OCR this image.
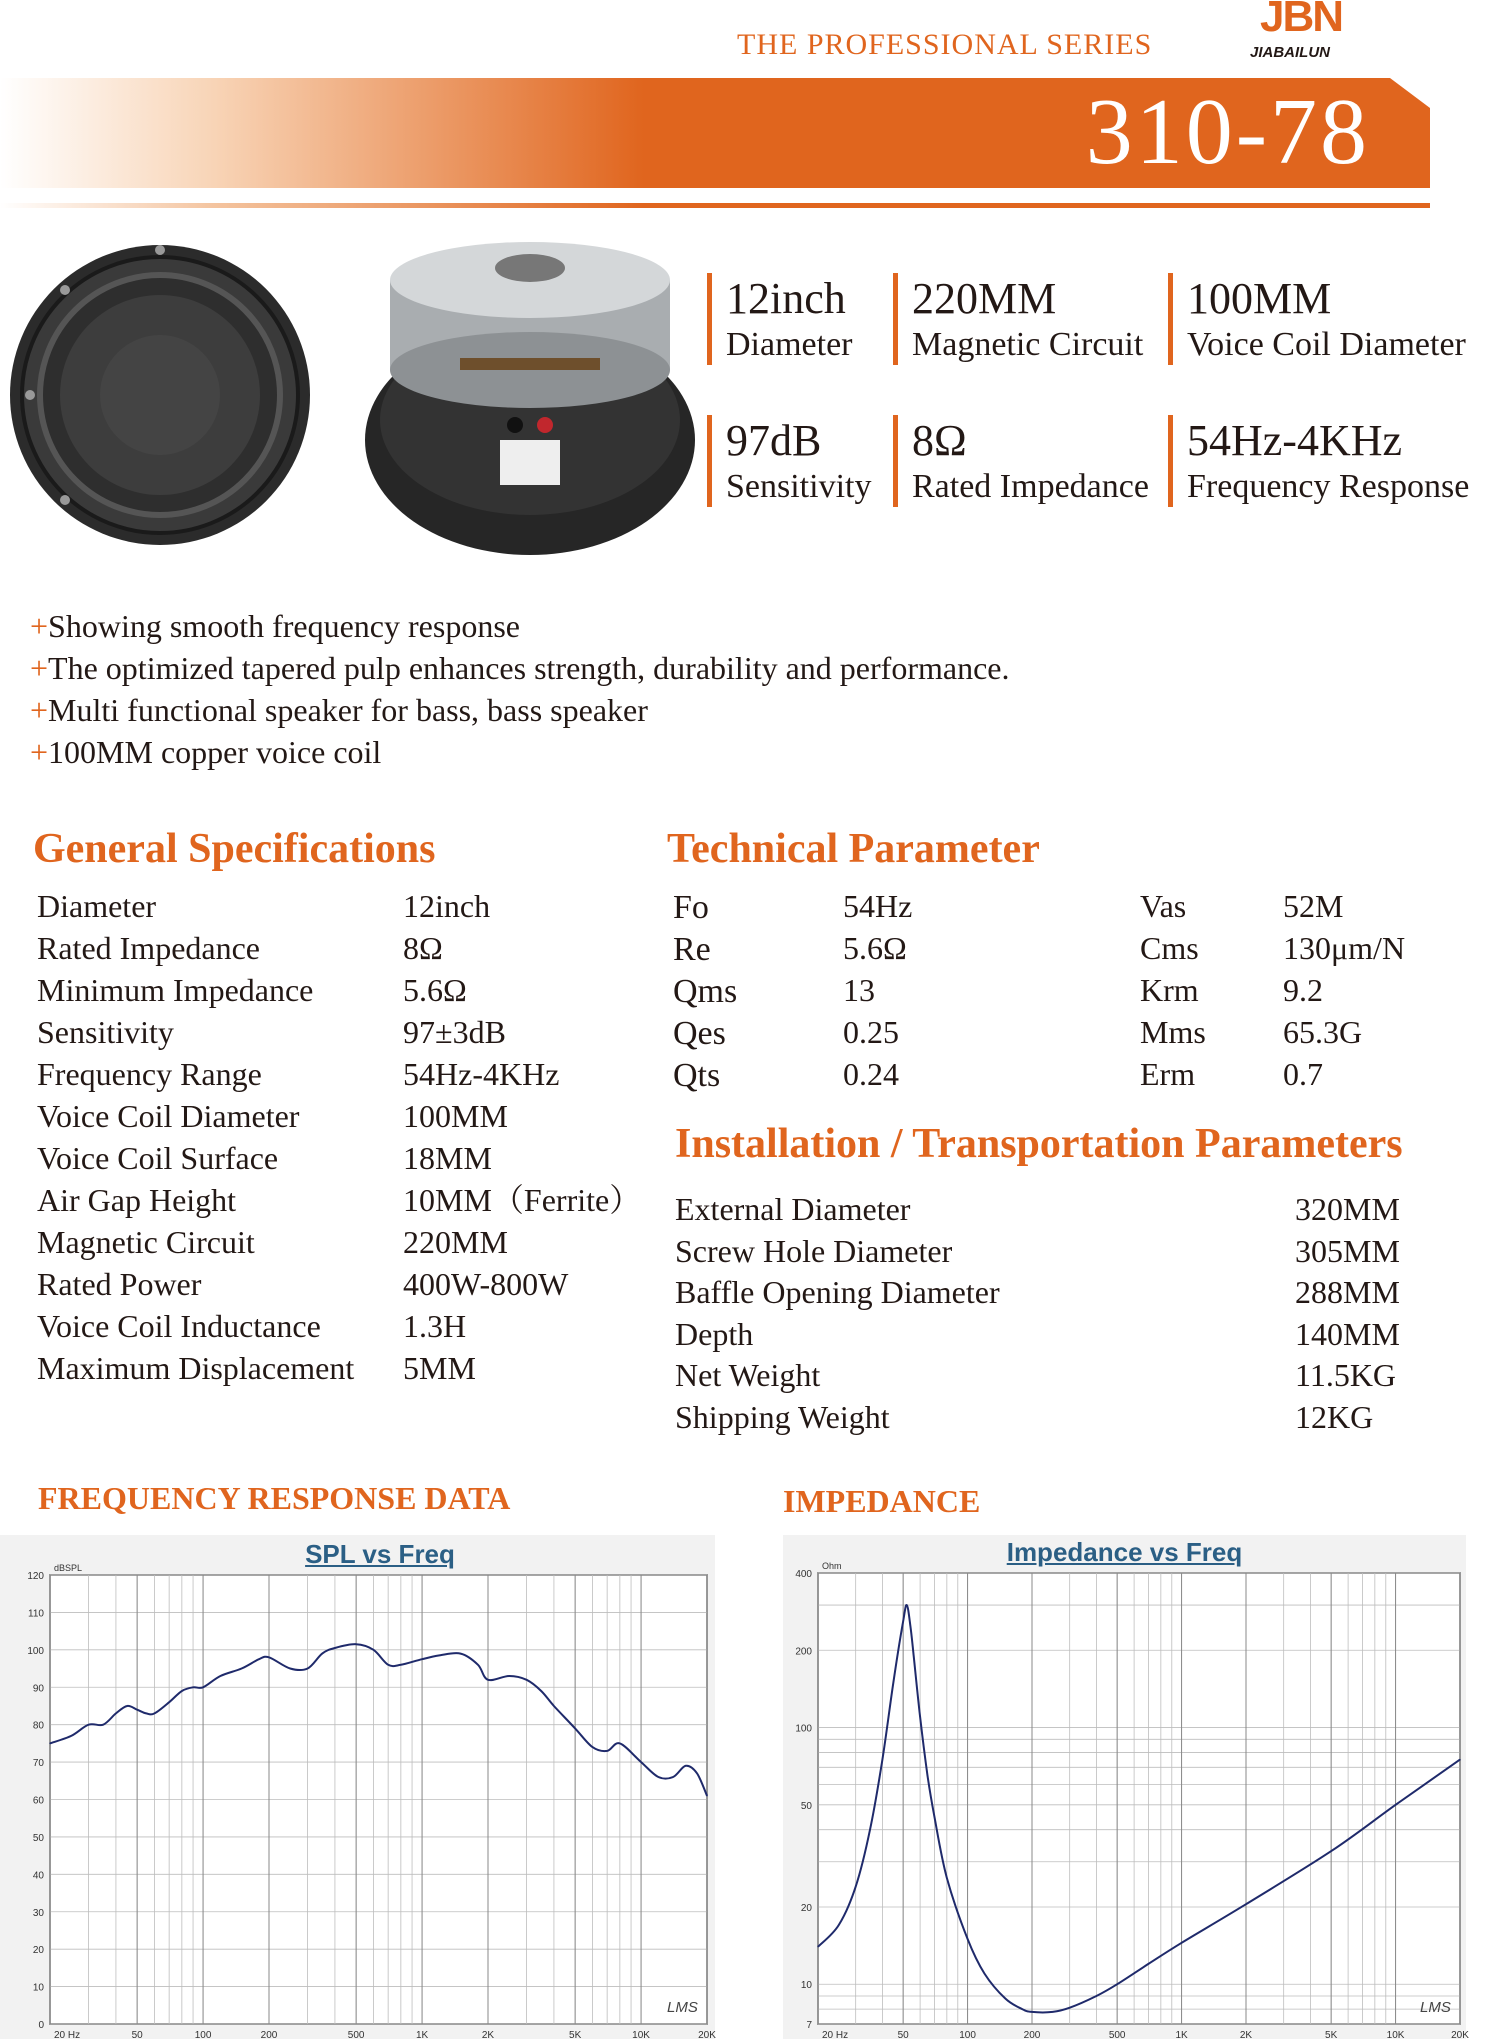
THE PROFESSIONAL SERIES
JBN
JIABAILUN
310-78
12inch
Diameter
220MM
Magnetic Circuit
100MM
Voice Coil Diameter
97dB
Sensitivity
8Ω
Rated Impedance
54Hz-4KHz
Frequency Response
+Showing smooth frequency response
+The optimized tapered pulp enhances strength, durability and performance.
+Multi functional speaker for bass, bass speaker
+100MM copper voice coil
General Specifications
Diameter	12inch
Rated Impedance	8Ω
Minimum Impedance	5.6Ω
Sensitivity	97±3dB
Frequency Range	54Hz-4KHz
Voice Coil Diameter	100MM
Voice Coil Surface	18MM
Air Gap Height	10MM（Ferrite）
Magnetic Circuit	220MM
Rated Power	400W-800W
Voice Coil Inductance	1.3H
Maximum Displacement 5MM
Technical Parameter
Fo	54Hz	Vas	52M
Re	5.6Ω	Cms	130μm/N
Qms	13	Krm	9.2
Qes	0.25	Mms 65.3G
Qts	0.24	Erm	0.7
Installation / Transportation Parameters
External Diameter	320MM
Screw Hole Diameter	305MM
Baffle Opening Diameter	288MM
Depth	140MM
Net Weight	11.5KG
Shipping Weight	12KG
FREQUENCY RESPONSE DATA	IMPEDANCE
SPL vs Freq
20 Hz	50	100	200	500	1K	2K	5K	10K	20K
0
10
20
30
40
50
60
70
80
90
100
110
120
dBSPL
LMS
Impedance vs Freq
20 Hz	50	100	200	500	1K	2K	5K	10K	20K
7
10
20
50
100
200
400
Ohm
LMS
